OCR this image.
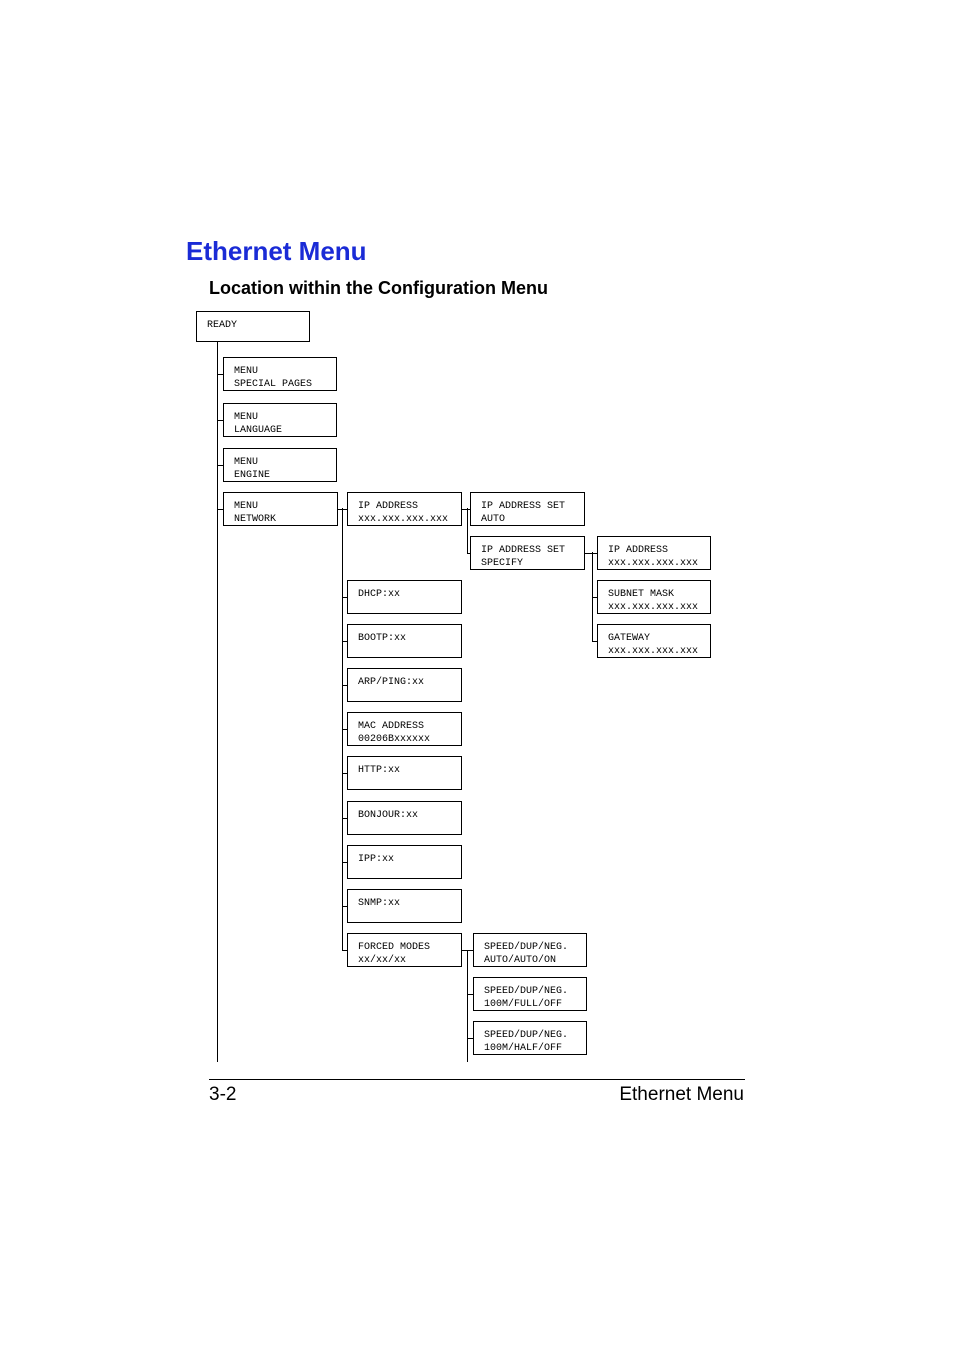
Ethernet Menu
Location within the Configuration Menu
READY
MENU
SPECIAL PAGES
MENU
LANGUAGE
MENU
ENGINE
MENU
NETWORK
IP ADDRESS
xxx.xxx.xxx.xxx
DHCP:xx
BOOTP:xx
ARP/PING:xx
MAC ADDRESS
00206Bxxxxxx
HTTP:xx
BONJOUR:xx
IPP:xx
SNMP:xx
FORCED MODES
xx/xx/xx
IP ADDRESS SET
AUTO
IP ADDRESS SET
SPECIFY
IP ADDRESS
xxx.xxx.xxx.xxx
SUBNET MASK
xxx.xxx.xxx.xxx
GATEWAY
xxx.xxx.xxx.xxx
SPEED/DUP/NEG.
AUTO/AUTO/ON
SPEED/DUP/NEG.
100M/FULL/OFF
SPEED/DUP/NEG.
100M/HALF/OFF
3-2	Ethernet Menu
